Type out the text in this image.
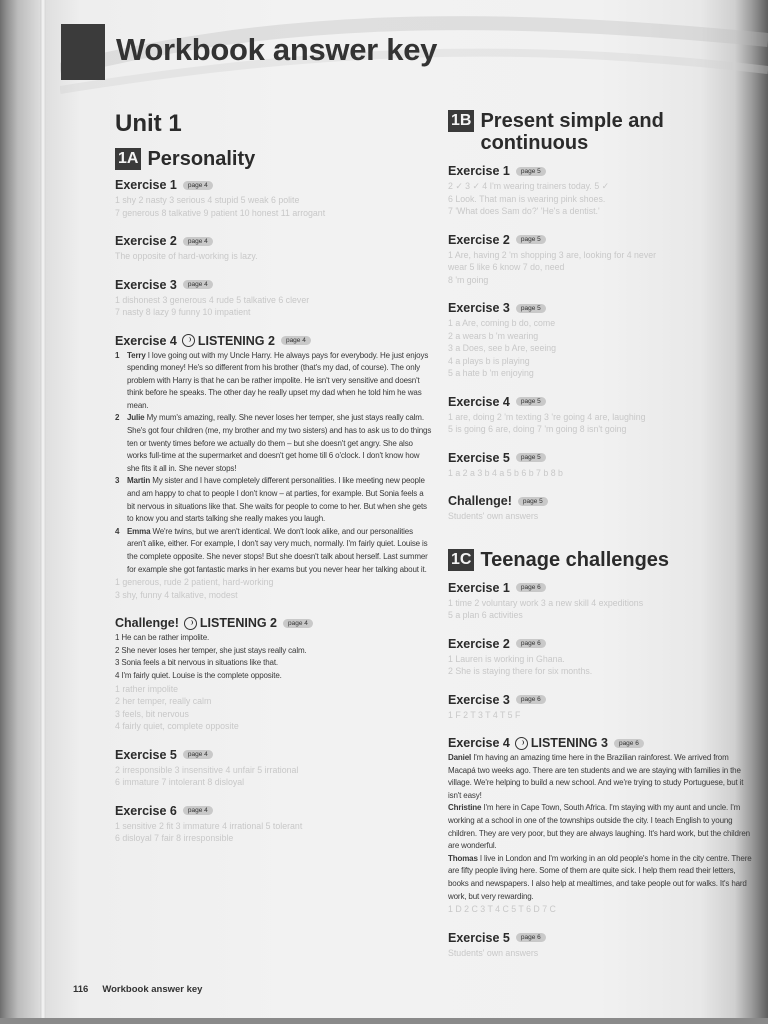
Workbook answer key
Unit 1
1A Personality
Exercise 1	page 4
1 shy 2 nasty 3 serious 4 stupid 5 weak 6 polite
7 generous 8 talkative 9 patient 10 honest 11 arrogant
Exercise 2	page 4
The opposite of hard-working is lazy.
Exercise 3	page 4
1 dishonest 3 generous 4 rude 5 talkative 6 clever
7 nasty 8 lazy 9 funny 10 impatient
Exercise 4 LISTENING 2	page 4
1 Terry I love going out with my Uncle Harry. He always pays for everybody. He just enjoys spending money! He's so different from his brother (that's my dad, of course). The only problem with Harry is that he can be rather impolite. He isn't very sensitive and doesn't think before he speaks. The other day he really upset my dad when he told him he was mean.
2 Julie My mum's amazing, really. She never loses her temper, she just stays really calm. She's got four children (me, my brother and my two sisters) and has to ask us to do things ten or twenty times before we actually do them – but she doesn't get angry. She also works full-time at the supermarket and doesn't get home till 6 o'clock. I don't know how she fits it all in. She never stops!
3 Martin My sister and I have completely different personalities. I like meeting new people and am happy to chat to people I don't know – at parties, for example. But Sonia feels a bit nervous in situations like that. She waits for people to come to her. But when she gets to know you and starts talking she really makes you laugh.
4 Emma We're twins, but we aren't identical. We don't look alike, and our personalities aren't alike, either. For example, I don't say very much, normally. I'm fairly quiet. Louise is the complete opposite. She never stops! But she doesn't talk about herself. Last summer for example she got fantastic marks in her exams but you never hear her talking about it.
1 generous, rude 2 patient, hard-working
3 shy, funny 4 talkative, modest
Challenge! LISTENING 2	page 4
1 He can be rather impolite.
2 She never loses her temper, she just stays really calm.
3 Sonia feels a bit nervous in situations like that.
4 I'm fairly quiet. Louise is the complete opposite.
1 rather impolite
2 her temper, really calm
3 feels, bit nervous
4 fairly quiet, complete opposite
Exercise 5	page 4
2 irresponsible 3 insensitive 4 unfair 5 irrational
6 immature 7 intolerant 8 disloyal
Exercise 6	page 4
1 sensitive 2 fit 3 immature 4 irrational 5 tolerant
6 disloyal 7 fair 8 irresponsible
1B Present simple and
continuous
Exercise 1	page 5
2 ✓ 3 ✓ 4 I'm wearing trainers today. 5 ✓
6 Look. That man is wearing pink shoes.
7 'What does Sam do?' 'He's a dentist.'
Exercise 2	page 5
1 Are, having 2 'm shopping 3 are, looking for 4 never
wear 5 like 6 know 7 do, need
8 'm going
Exercise 3	page 5
1 a Are, coming b do, come
2 a wears b 'm wearing
3 a Does, see b Are, seeing
4 a plays b is playing
5 a hate b 'm enjoying
Exercise 4	page 5
1 are, doing 2 'm texting 3 're going 4 are, laughing
5 is going 6 are, doing 7 'm going 8 isn't going
Exercise 5	page 5
1 a 2 a 3 b 4 a 5 b 6 b 7 b 8 b
Challenge!	page 5
Students' own answers
1C Teenage challenges
Exercise 1	page 6
1 time 2 voluntary work 3 a new skill 4 expeditions
5 a plan 6 activities
Exercise 2	page 6
1 Lauren is working in Ghana.
2 She is staying there for six months.
Exercise 3	page 6
1 F 2 T 3 T 4 T 5 F
Exercise 4 LISTENING 3	page 6
Daniel I'm having an amazing time here in the Brazilian rainforest. We arrived from Macapá two weeks ago. There are ten students and we are staying with families in the village. We're helping to build a new school. And we're trying to study Portuguese, but it isn't easy!
Christine I'm here in Cape Town, South Africa. I'm staying with my aunt and uncle. I'm working at a school in one of the townships outside the city. I teach English to young children. They are very poor, but they are always laughing. It's hard work, but the children are wonderful.
Thomas I live in London and I'm working in an old people's home in the city centre. There are fifty people living here. Some of them are quite sick. I help them read their letters, books and newspapers. I also help at mealtimes, and take people out for walks. It's hard work, but very rewarding.
1 D 2 C 3 T 4 C 5 T 6 D 7 C
Exercise 5	page 6
Students' own answers
116 Workbook answer key
